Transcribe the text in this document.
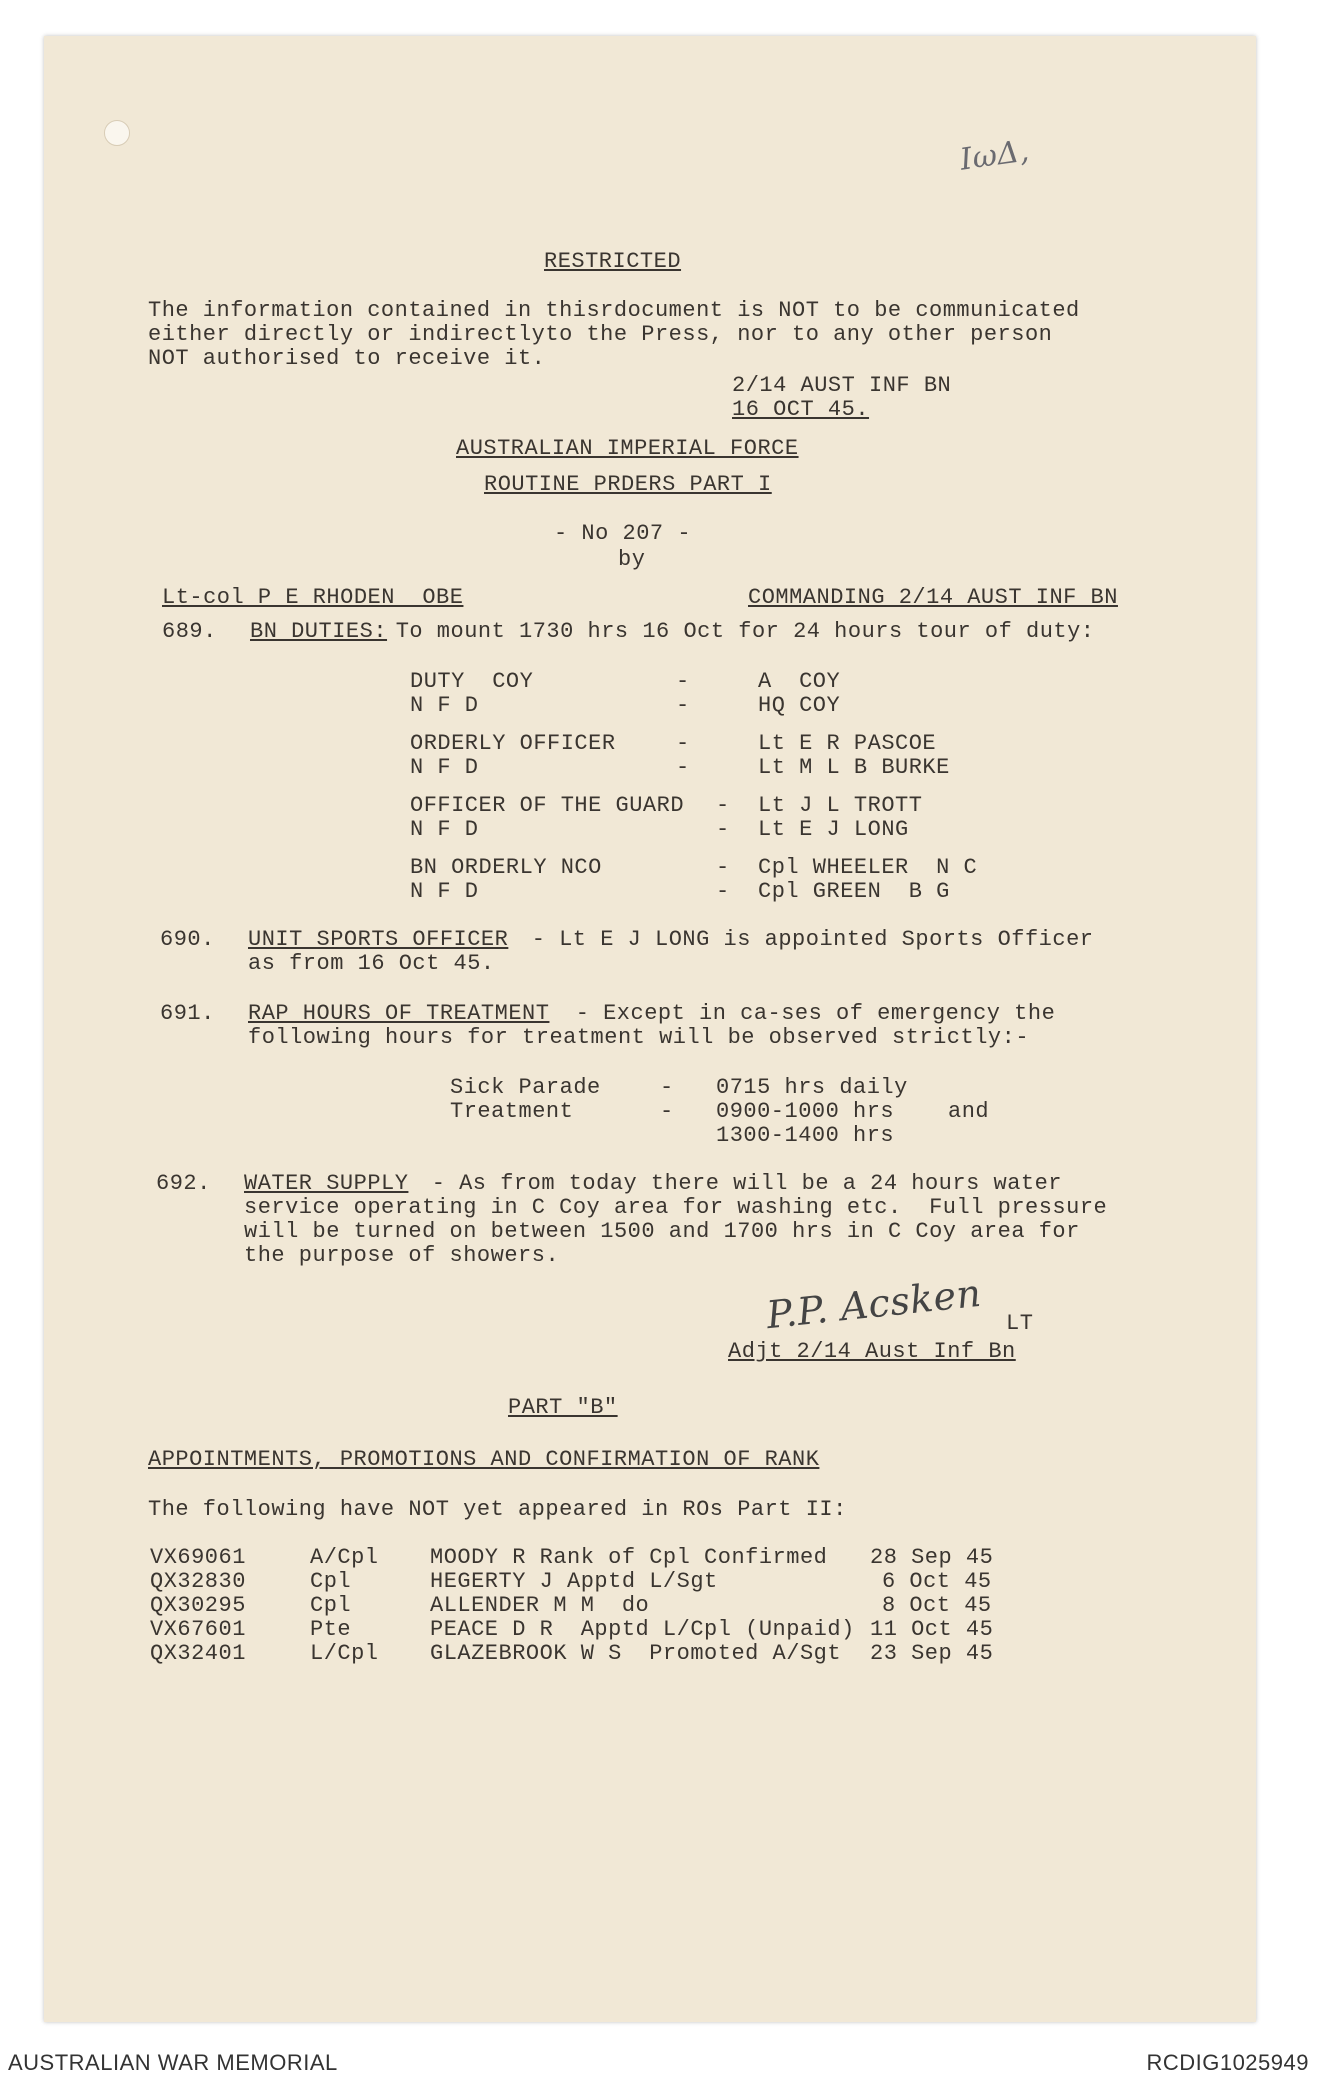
ΙωΔ,
RESTRICTED
The information contained in thisrdocument is NOT to be communicated
either directly or indirectlyto the Press, nor to any other person
NOT authorised to receive it.
2/14 AUST INF BN
16 OCT 45.
AUSTRALIAN IMPERIAL FORCE
ROUTINE PRDERS PART I
- No 207 -
by
Lt-col P E RHODEN  OBE	COMMANDING 2/14 AUST INF BN
689. BN DUTIES:
To mount 1730 hrs 16 Oct for 24 hours tour of duty:
DUTY  COY	-	A  COY
N F D	-	HQ COY
ORDERLY OFFICER	-	Lt E R PASCOE
N F D	-	Lt M L B BURKE
OFFICER OF THE GUARD - Lt J L TROTT
N F D	- Lt E J LONG
BN ORDERLY NCO	- Cpl WHEELER  N C
N F D	- Cpl GREEN  B G
690. UNIT SPORTS OFFICER - Lt E J LONG is appointed Sports Officer
as from 16 Oct 45.
691. RAP HOURS OF TREATMENT - Except in ca-ses of emergency the
following hours for treatment will be observed strictly:-
Sick Parade	- 0715 hrs daily
Treatment	- 0900-1000 hrs and
1300-1400 hrs
692. WATER SUPPLY - As from today there will be a 24 hours water
service operating in C Coy area for washing etc.  Full pressure
will be turned on between 1500 and 1700 hrs in C Coy area for
the purpose of showers.
P.P. Acsken LT
Adjt 2/14 Aust Inf Bn
PART "B"
APPOINTMENTS, PROMOTIONS AND CONFIRMATION OF RANK
The following have NOT yet appeared in ROs Part II:
VX69061	A/Cpl MOODY R Rank of Cpl Confirmed 28 Sep 45
QX32830	Cpl	HEGERTY J Apptd L/Sgt	6 Oct 45
QX30295	Cpl	ALLENDER M M  do	8 Oct 45
VX67601	Pte	PEACE D R  Apptd L/Cpl (Unpaid) 11 Oct 45
QX32401	L/Cpl GLAZEBROOK W S  Promoted A/Sgt 23 Sep 45
AUSTRALIAN WAR MEMORIAL	RCDIG1025949
